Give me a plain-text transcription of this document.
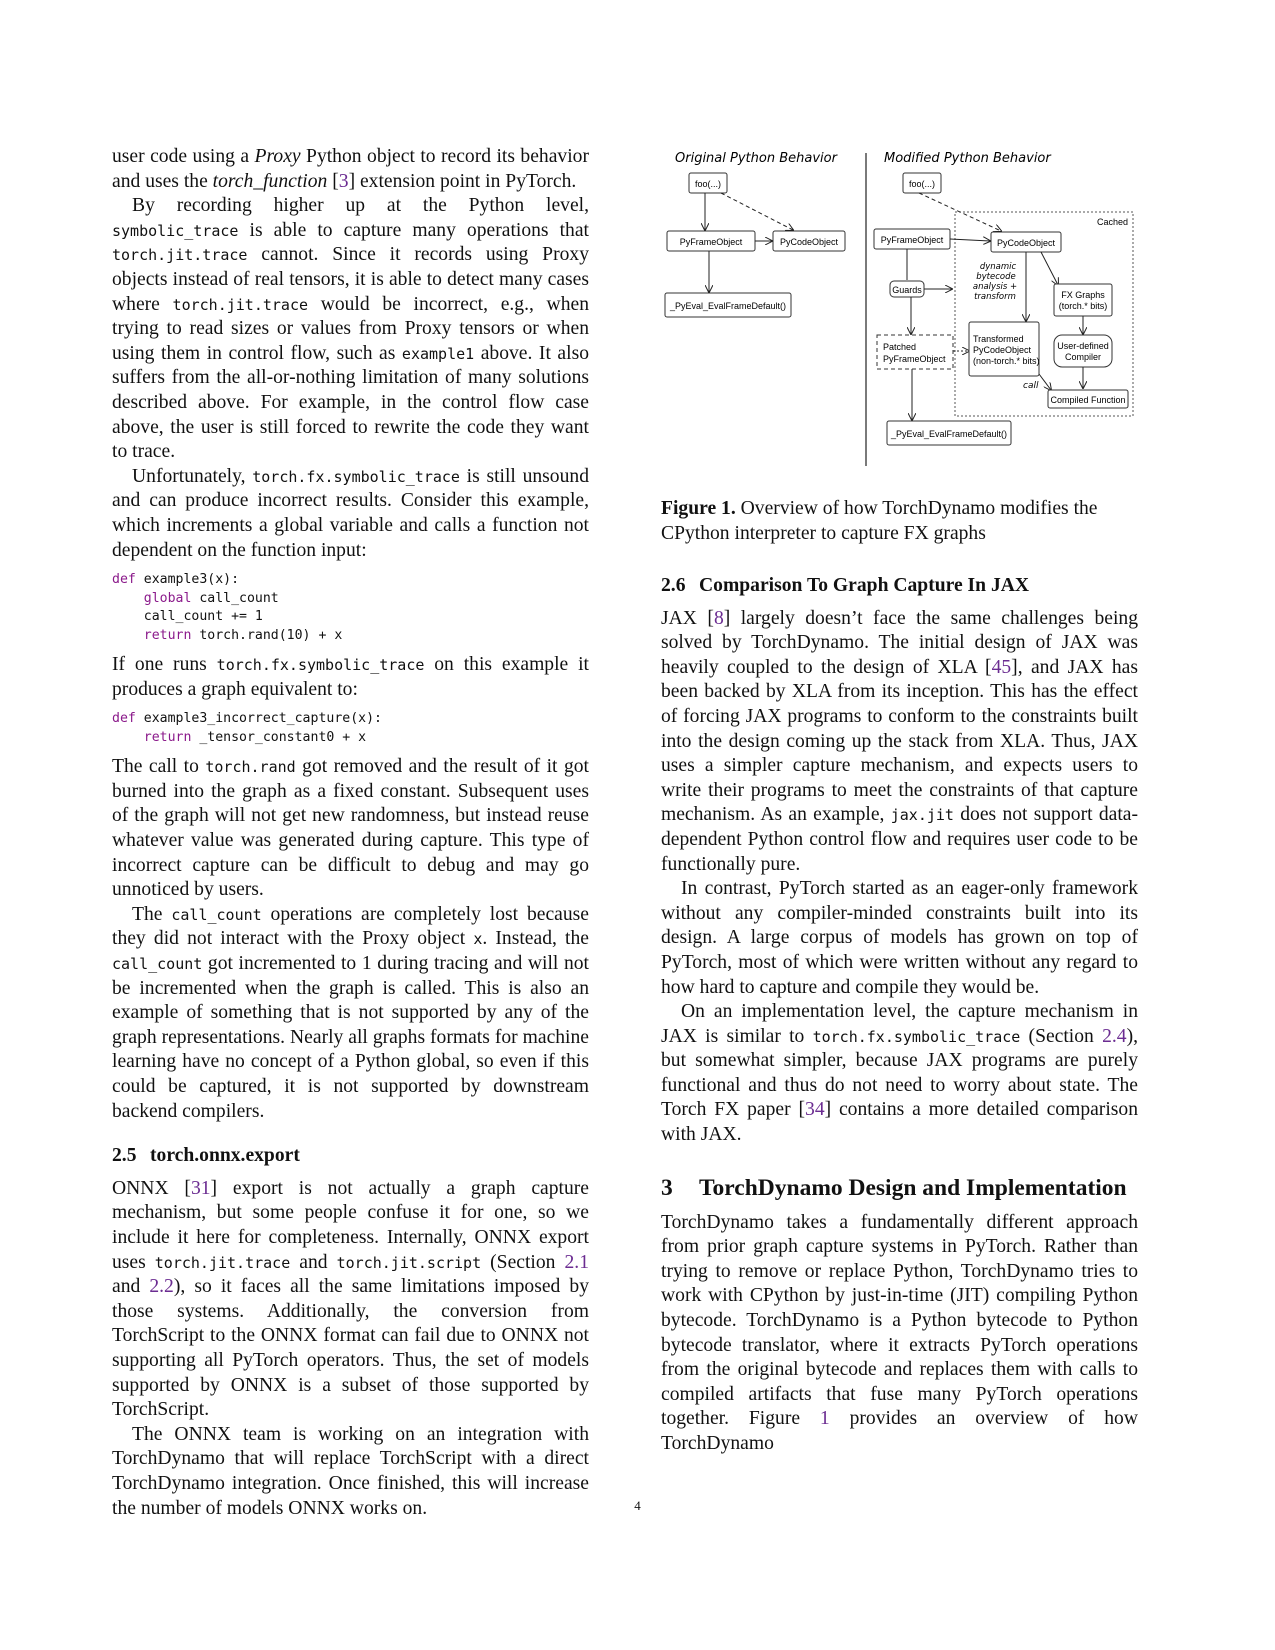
user code using a Proxy Python object to record its behavior and uses the torch_function [3] extension point in PyTorch.

By recording higher up at the Python level, symbolic_trace is able to capture many operations that torch.jit.trace cannot. Since it records using Proxy objects instead of real tensors, it is able to detect many cases where torch.jit.trace would be incorrect, e.g., when trying to read sizes or values from Proxy tensors or when using them in control flow, such as example1 above. It also suffers from the all-or-nothing limitation of many solutions described above. For example, in the control flow case above, the user is still forced to rewrite the code they want to trace.

Unfortunately, torch.fx.symbolic_trace is still unsound and can produce incorrect results. Consider this example, which increments a global variable and calls a function not dependent on the function input:

def example3(x):
global call_count
call_count += 1
return torch.rand(10) + x

If one runs torch.fx.symbolic_trace on this example it produces a graph equivalent to:

def example3_incorrect_capture(x):
return _tensor_constant0 + x

The call to torch.rand got removed and the result of it got burned into the graph as a fixed constant. Subsequent uses of the graph will not get new randomness, but instead reuse whatever value was generated during capture. This type of incorrect capture can be difficult to debug and may go unnoticed by users.

The call_count operations are completely lost because they did not interact with the Proxy object x. Instead, the call_count got incremented to 1 during tracing and will not be incremented when the graph is called. This is also an example of something that is not supported by any of the graph representations. Nearly all graphs formats for machine learning have no concept of a Python global, so even if this could be captured, it is not supported by downstream backend compilers.

2.5 torch.onnx.export

ONNX [31] export is not actually a graph capture mechanism, but some people confuse it for one, so we include it here for completeness. Internally, ONNX export uses torch.jit.trace and torch.jit.script (Section 2.1 and 2.2), so it faces all the same limitations imposed by those systems. Additionally, the conversion from TorchScript to the ONNX format can fail due to ONNX not supporting all PyTorch operators. Thus, the set of models supported by ONNX is a subset of those supported by TorchScript.

The ONNX team is working on an integration with TorchDynamo that will replace TorchScript with a direct TorchDynamo integration. Once finished, this will increase the number of models ONNX works on.

Original Python Behavior	Modified Python Behavior
foo(...)
PyFrameObject	PyCodeObject
_PyEval_EvalFrameDefault()
foo(...)
Cached
PyFrameObject	PyCodeObject
Guards
dynamic
bytecode
analysis +
transform	FX Graphs
(torch.* bits)
Patched
PyFrameObject
Transformed
PyCodeObject
(non-torch.* bits)
User-defined
Compiler
call
Compiled Function
_PyEval_EvalFrameDefault()
Figure 1. Overview of how TorchDynamo modifies the CPython interpreter to capture FX graphs
2.6 Comparison To Graph Capture In JAX

JAX [8] largely doesn’t face the same challenges being solved by TorchDynamo. The initial design of JAX was heavily coupled to the design of XLA [45], and JAX has been backed by XLA from its inception. This has the effect of forcing JAX programs to conform to the constraints built into the design coming up the stack from XLA. Thus, JAX uses a simpler capture mechanism, and expects users to write their programs to meet the constraints of that capture mechanism. As an example, jax.jit does not support data-dependent Python control flow and requires user code to be functionally pure.

In contrast, PyTorch started as an eager-only framework without any compiler-minded constraints built into its design. A large corpus of models has grown on top of PyTorch, most of which were written without any regard to how hard to capture and compile they would be.

On an implementation level, the capture mechanism in JAX is similar to torch.fx.symbolic_trace (Section 2.4), but somewhat simpler, because JAX programs are purely functional and thus do not need to worry about state. The Torch FX paper [34] contains a more detailed comparison with JAX.

3	TorchDynamo Design and Implementation

TorchDynamo takes a fundamentally different approach from prior graph capture systems in PyTorch. Rather than trying to remove or replace Python, TorchDynamo tries to work with CPython by just-in-time (JIT) compiling Python bytecode. TorchDynamo is a Python bytecode to Python bytecode translator, where it extracts PyTorch operations from the original bytecode and replaces them with calls to compiled artifacts that fuse many PyTorch operations together. Figure 1 provides an overview of how TorchDynamo

4
